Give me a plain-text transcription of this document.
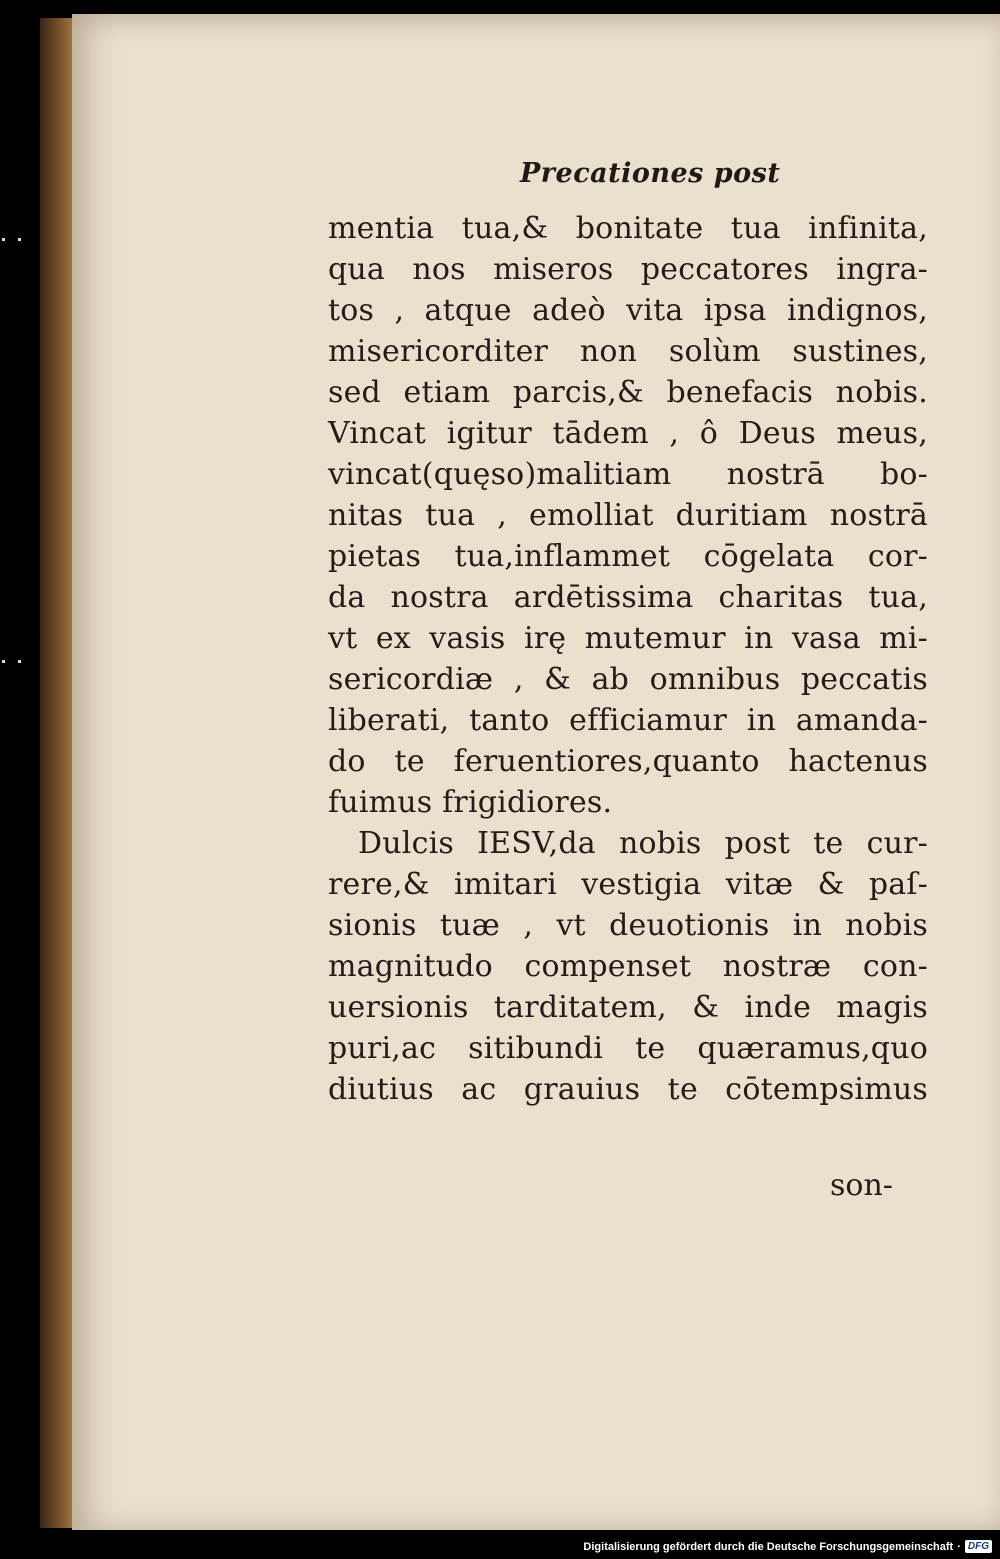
Precationes post
mentia tua,& bonitate tua infinita,
qua nos miseros peccatores ingra-
tos , atque adeò vita ipsa indignos,
misericorditer non solùm sustines,
sed etiam parcis,& benefacis nobis.
Vincat igitur tādem , ô Deus meus,
vincat(quęso)malitiam nostrā bo-
nitas tua , emolliat duritiam nostrā
pietas tua,inflammet cōgelata cor-
da nostra ardētissima charitas tua,
vt ex vasis irę mutemur in vasa mi-
sericordiæ , & ab omnibus peccatis
liberati, tanto efficiamur in amanda-
do te feruentiores,quanto hactenus
fuimus frigidiores.
Dulcis IESV,da nobis post te cur-
rere,& imitari vestigia vitæ & paſ-
sionis tuæ , vt deuotionis in nobis
magnitudo compenset nostræ con-
uersionis tarditatem, & inde magis
puri,ac sitibundi te quæramus,quo
diutius ac grauius te cōtempsimus
son-
Digitalisierung gefördert durch die Deutsche Forschungsgemeinschaft · DFG
